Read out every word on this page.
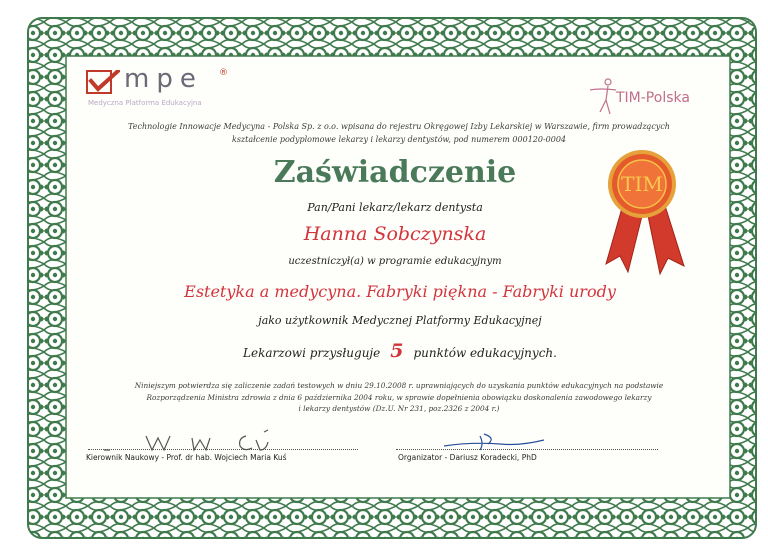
mpe ®
Medyczna Platforma Edukacyjna	TIM-Polska
Technologie Innowacje Medycyna - Polska Sp. z o.o. wpisana do rejestru Okręgowej Izby Lekarskiej w Warszawie, firm prowadzących
kształcenie podyplomowe lekarzy i lekarzy dentystów, pod numerem 000120-0004
Zaświadczenie
Pan/Pani lekarz/lekarz dentysta
Hanna Sobczynska
uczestniczył(a) w programie edukacyjnym
Estetyka a medycyna. Fabryki piękna - Fabryki urody
jako użytkownik Medycznej Platformy Edukacyjnej
Lekarzowi przysługuje 5 punktów edukacyjnych.
Niniejszym potwierdza się zaliczenie zadań testowych w dniu 29.10.2008 r. uprawniających do uzyskania punktów edukacyjnych na podstawie
Rozporządzenia Ministra zdrowia z dnia 6 października 2004 roku, w sprawie dopełnienia obowiązku doskonalenia zawodowego lekarzy
i lekarzy dentystów (Dz.U. Nr 231, poz.2326 z 2004 r.)
Kierownik Naukowy - Prof. dr hab. Wojciech Maria Kuś	Organizator - Dariusz Koradecki, PhD
TIM
